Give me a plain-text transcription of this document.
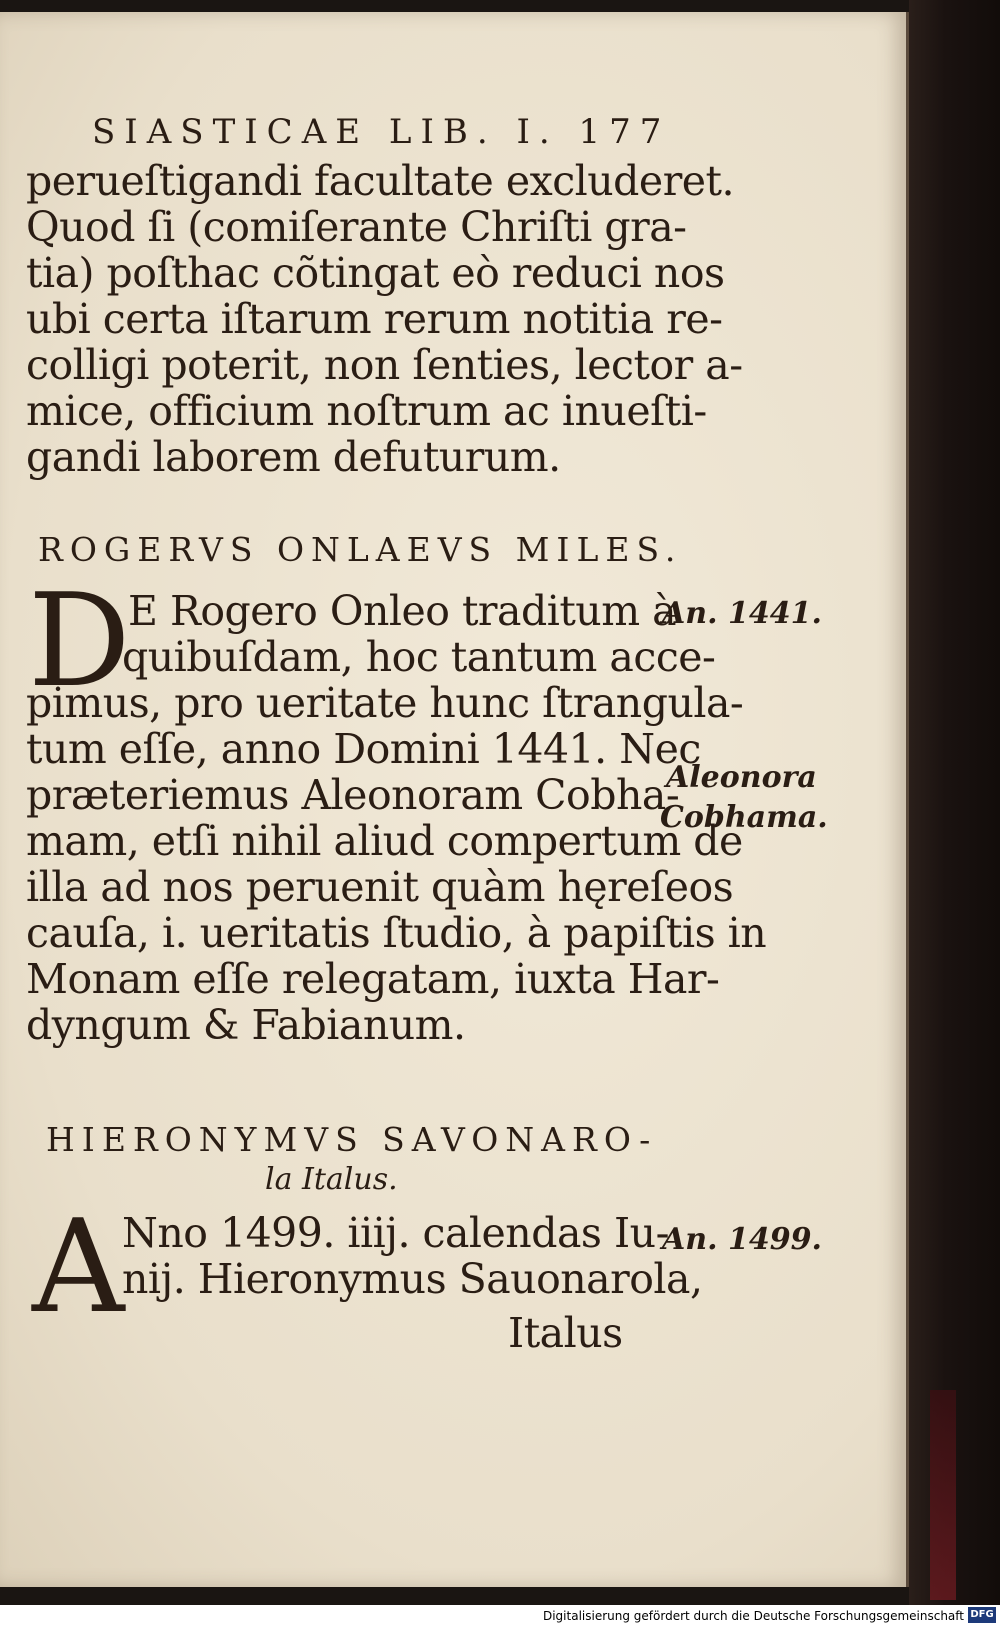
SIASTICAE LIB. I. 177

perueſtigandi facultate excluderet.

Quod ſi (comiſerante Chriſti gra-

tia) poſthac cõtingat eò reduci nos

ubi certa iſtarum rerum notitia re-

colligi poterit, non ſenties, lector a-

mice, officium noſtrum ac inueſti-

gandi laborem defuturum.

ROGERVS ONLAEVS MILES.

D

E Rogero Onleo traditum à

quibuſdam, hoc tantum acce-

pimus, pro ueritate hunc ſtrangula-

tum eſſe, anno Domini 1441. Nec

præteriemus Aleonoram Cobha-

mam, etſi nihil aliud compertum de

illa ad nos peruenit quàm hęreſeos

cauſa, i. ueritatis ſtudio, à papiſtis in

Monam eſſe relegatam, iuxta Har-

dyngum & Fabianum.

An. 1441.
Aleonora
Cobhama.

HIERONYMVS SAVONARO-

la Italus.

A

Nno 1499. iiij. calendas Iu-

nij. Hieronymus Sauonarola,

An. 1499.

Italus

Digitalisierung gefördert durch die Deutsche Forschungsgemeinschaft DFG
